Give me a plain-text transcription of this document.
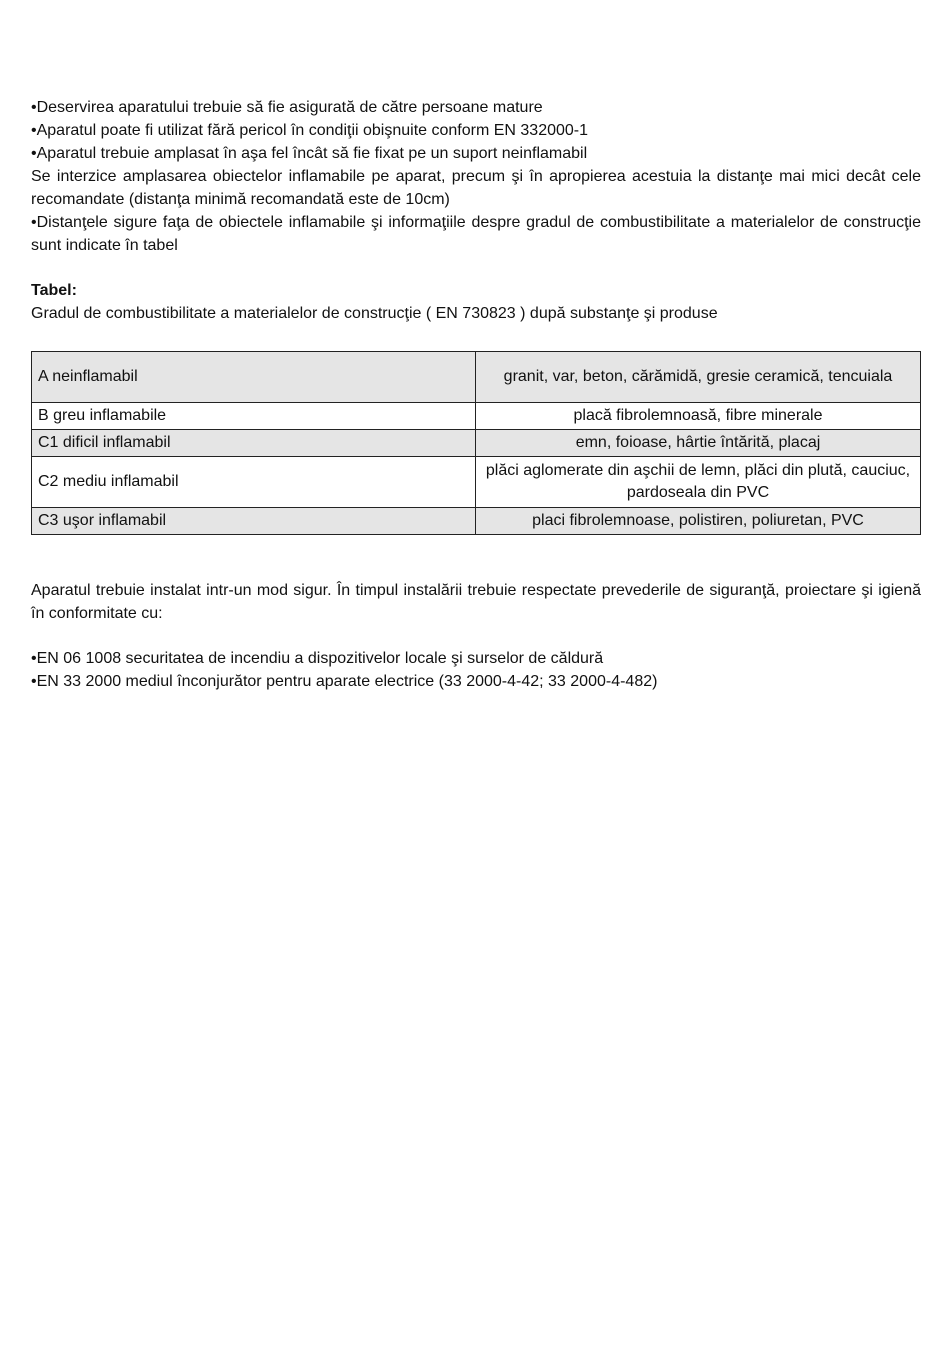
•Deservirea aparatului trebuie să fie asigurată de către persoane mature

•Aparatul poate fi utilizat fără pericol în condiţii obişnuite conform EN 332000-1

•Aparatul trebuie amplasat în aşa fel încât să fie fixat pe un suport neinflamabil

Se interzice amplasarea obiectelor inflamabile pe aparat, precum şi în apropierea acestuia la distanţe mai mici decât cele recomandate (distanţa minimă recomandată este de 10cm)

•Distanţele sigure faţa de obiectele inflamabile şi informaţiile despre gradul de combustibilitate a materialelor de construcţie sunt indicate în tabel

Tabel:

Gradul de combustibilitate a materialelor de construcţie ( EN 730823 ) după substanţe şi produse

A neinflamabil	granit, var, beton, cărămidă, gresie ceramică, tencuiala
B greu inflamabile	placă fibrolemnoasă, fibre minerale
C1 dificil inflamabil	emn, foioase, hârtie întărită, placaj
C2 mediu inflamabil	plăci aglomerate din aşchii de lemn, plăci din plută, cauciuc, pardoseala din PVC
C3 uşor inflamabil	placi fibrolemnoase, polistiren, poliuretan, PVC

Aparatul trebuie instalat intr-un mod sigur. În timpul instalării trebuie respectate prevederile de siguranţă, proiectare şi igienă în conformitate cu:

•EN 06 1008 securitatea de incendiu a dispozitivelor locale şi surselor de căldură

•EN 33 2000 mediul înconjurător pentru aparate electrice (33 2000-4-42; 33 2000-4-482)
